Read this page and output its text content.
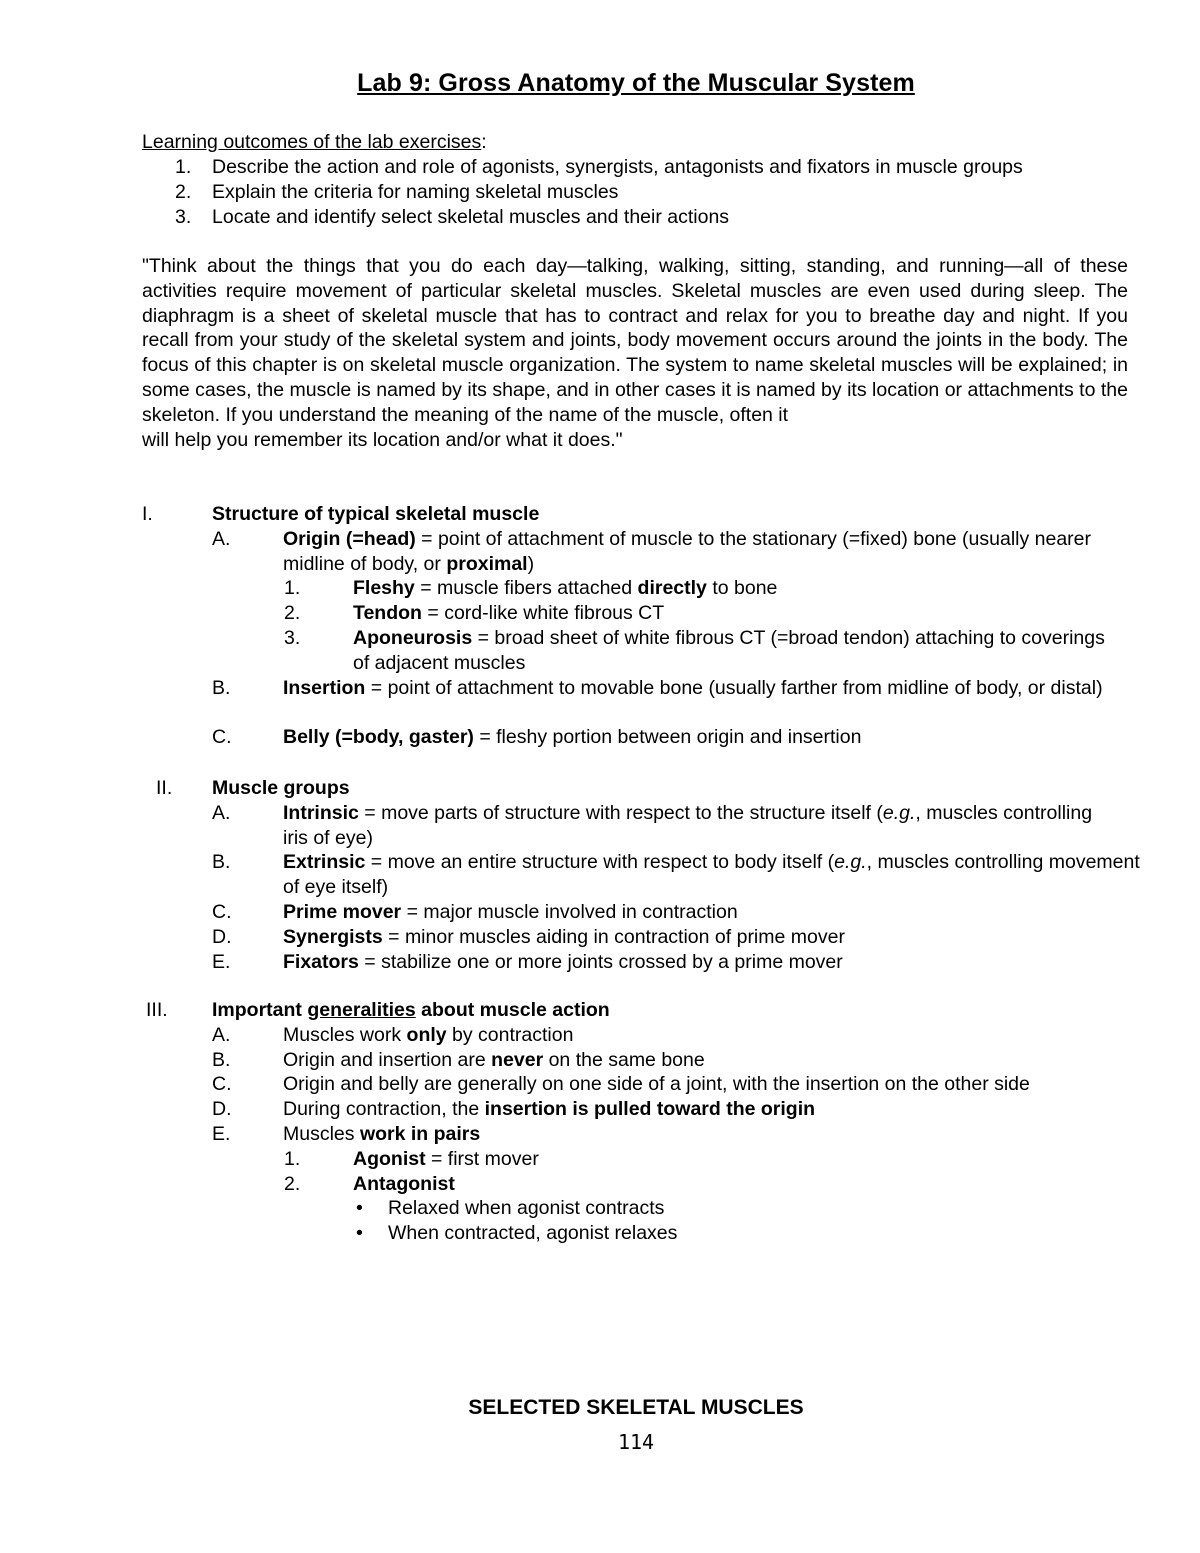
Lab 9: Gross Anatomy of the Muscular System
Learning outcomes of the lab exercises:
1. Describe the action and role of agonists, synergists, antagonists and fixators in muscle groups
2. Explain the criteria for naming skeletal muscles
3. Locate and identify select skeletal muscles and their actions
"Think about the things that you do each day—talking, walking, sitting, standing, and running—all of these activities require movement of particular skeletal muscles. Skeletal muscles are even used during sleep. The diaphragm is a sheet of skeletal muscle that has to contract and relax for you to breathe day and night. If you recall from your study of the skeletal system and joints, body movement occurs around the joints in the body. The focus of this chapter is on skeletal muscle organization. The system to name skeletal muscles will be explained; in some cases, the muscle is named by its shape, and in other cases it is named by its location or attachments to the skeleton. If you understand the meaning of the name of the muscle, often it
will help you remember its location and/or what it does."
I.	Structure of typical skeletal muscle
A.	Origin (=head) = point of attachment of muscle to the stationary (=fixed) bone (usually nearer midline of body, or proximal)
1.	Fleshy = muscle fibers attached directly to bone
2.	Tendon = cord-like white fibrous CT
3.	Aponeurosis = broad sheet of white fibrous CT (=broad tendon) attaching to coverings of adjacent muscles
B.	Insertion = point of attachment to movable bone (usually farther from midline of body, or distal)
C.	Belly (=body, gaster) = fleshy portion between origin and insertion
II. Muscle groups
A.	Intrinsic = move parts of structure with respect to the structure itself (e.g., muscles controlling iris of eye)
B.	Extrinsic = move an entire structure with respect to body itself (e.g., muscles controlling movement of eye itself)
C.	Prime mover = major muscle involved in contraction
D.	Synergists = minor muscles aiding in contraction of prime mover
E.	Fixators = stabilize one or more joints crossed by a prime mover
III. Important generalities about muscle action
A.	Muscles work only by contraction
B.	Origin and insertion are never on the same bone
C.	Origin and belly are generally on one side of a joint, with the insertion on the other side
D.	During contraction, the insertion is pulled toward the origin
E.	Muscles work in pairs
1.	Agonist = first mover
2.	Antagonist
• Relaxed when agonist contracts
• When contracted, agonist relaxes
SELECTED SKELETAL MUSCLES
114
